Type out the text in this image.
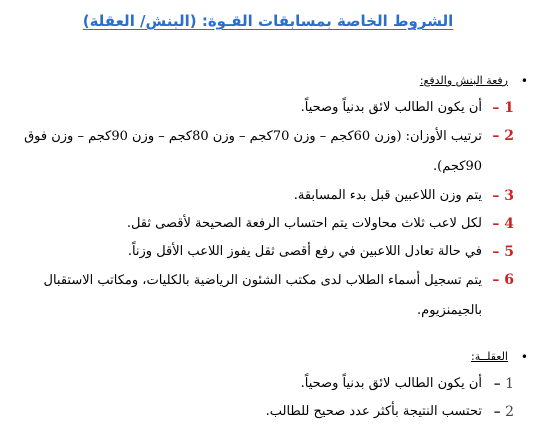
الشروط الخاصة بمسابقات القـوة: (البنش/ العقلة)
•
رفعة البنش والدفع:
1 –
أن يكون الطالب لائق بدنياً وصحياً.
2 –
ترتيب الأوزان: (وزن 60كجم – وزن 70كجم – وزن 80كجم – وزن 90كجم – وزن فوق 90كجم).
3 –
يتم وزن اللاعبين قبل بدء المسابقة.
4 –
لكل لاعب ثلاث محاولات يتم احتساب الرفعة الصحيحة لأقصى ثقل.
5 –
في حالة تعادل اللاعبين في رفع أقصى ثقل يفوز اللاعب الأقل وزناً.
6 –
يتم تسجيل أسماء الطلاب لدى مكتب الشئون الرياضية بالكليات، ومكاتب الاستقبال بالجيمنزيوم.
•
العقلــة:
1 –
أن يكون الطالب لائق بدنياً وصحياً.
2 –
تحتسب النتيجة بأكثر عدد صحيح للطالب.
